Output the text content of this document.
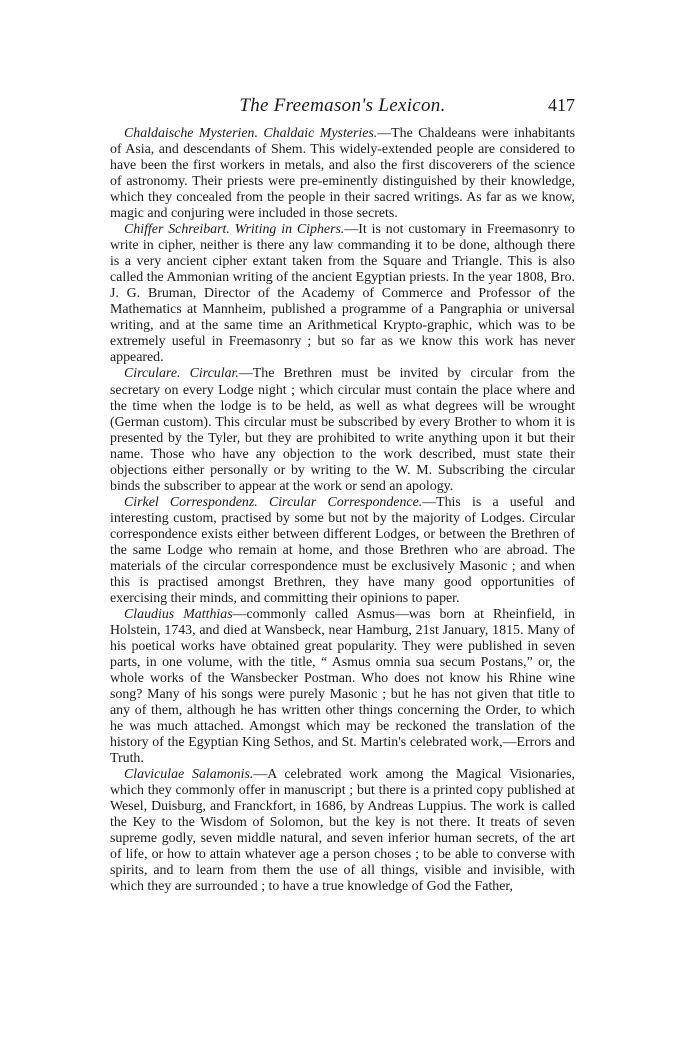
The Freemason's Lexicon.	417

Chaldaische Mysterien. Chaldaic Mysteries.—The Chaldeans were inhabitants of Asia, and descendants of Shem. This widely-extended people are considered to have been the first workers in metals, and also the first discoverers of the science of astronomy. Their priests were pre-eminently distinguished by their knowledge, which they concealed from the people in their sacred writings. As far as we know, magic and conjuring were included in those secrets.

Chiffer Schreibart. Writing in Ciphers.—It is not customary in Freemasonry to write in cipher, neither is there any law commanding it to be done, although there is a very ancient cipher extant taken from the Square and Triangle. This is also called the Ammonian writing of the ancient Egyptian priests. In the year 1808, Bro. J. G. Bruman, Director of the Academy of Commerce and Professor of the Mathematics at Mannheim, published a programme of a Pangraphia or universal writing, and at the same time an Arithmetical Krypto-graphic, which was to be extremely useful in Freemasonry ; but so far as we know this work has never appeared.

Circulare. Circular.—The Brethren must be invited by circular from the secretary on every Lodge night ; which circular must contain the place where and the time when the lodge is to be held, as well as what degrees will be wrought (German custom). This circular must be subscribed by every Brother to whom it is presented by the Tyler, but they are prohibited to write anything upon it but their name. Those who have any objection to the work described, must state their objections either personally or by writing to the W. M. Subscribing the circular binds the subscriber to appear at the work or send an apology.

Cirkel Correspondenz. Circular Correspondence.—This is a useful and interesting custom, practised by some but not by the majority of Lodges. Circular correspondence exists either between different Lodges, or between the Brethren of the same Lodge who remain at home, and those Brethren who are abroad. The materials of the circular correspondence must be exclusively Masonic ; and when this is practised amongst Brethren, they have many good opportunities of exercising their minds, and committing their opinions to paper.

Claudius Matthias—commonly called Asmus—was born at Rheinfield, in Holstein, 1743, and died at Wansbeck, near Hamburg, 21st January, 1815. Many of his poetical works have obtained great popularity. They were published in seven parts, in one volume, with the title, “ Asmus omnia sua secum Postans,” or, the whole works of the Wansbecker Postman. Who does not know his Rhine wine song? Many of his songs were purely Masonic ; but he has not given that title to any of them, although he has written other things concerning the Order, to which he was much attached. Amongst which may be reckoned the translation of the history of the Egyptian King Sethos, and St. Martin's celebrated work,—Errors and Truth.

Claviculae Salamonis.—A celebrated work among the Magical Visionaries, which they commonly offer in manuscript ; but there is a printed copy published at Wesel, Duisburg, and Franckfort, in 1686, by Andreas Luppius. The work is called the Key to the Wisdom of Solomon, but the key is not there. It treats of seven supreme godly, seven middle natural, and seven inferior human secrets, of the art of life, or how to attain whatever age a person choses ; to be able to converse with spirits, and to learn from them the use of all things, visible and invisible, with which they are surrounded ; to have a true knowledge of God the Father,
